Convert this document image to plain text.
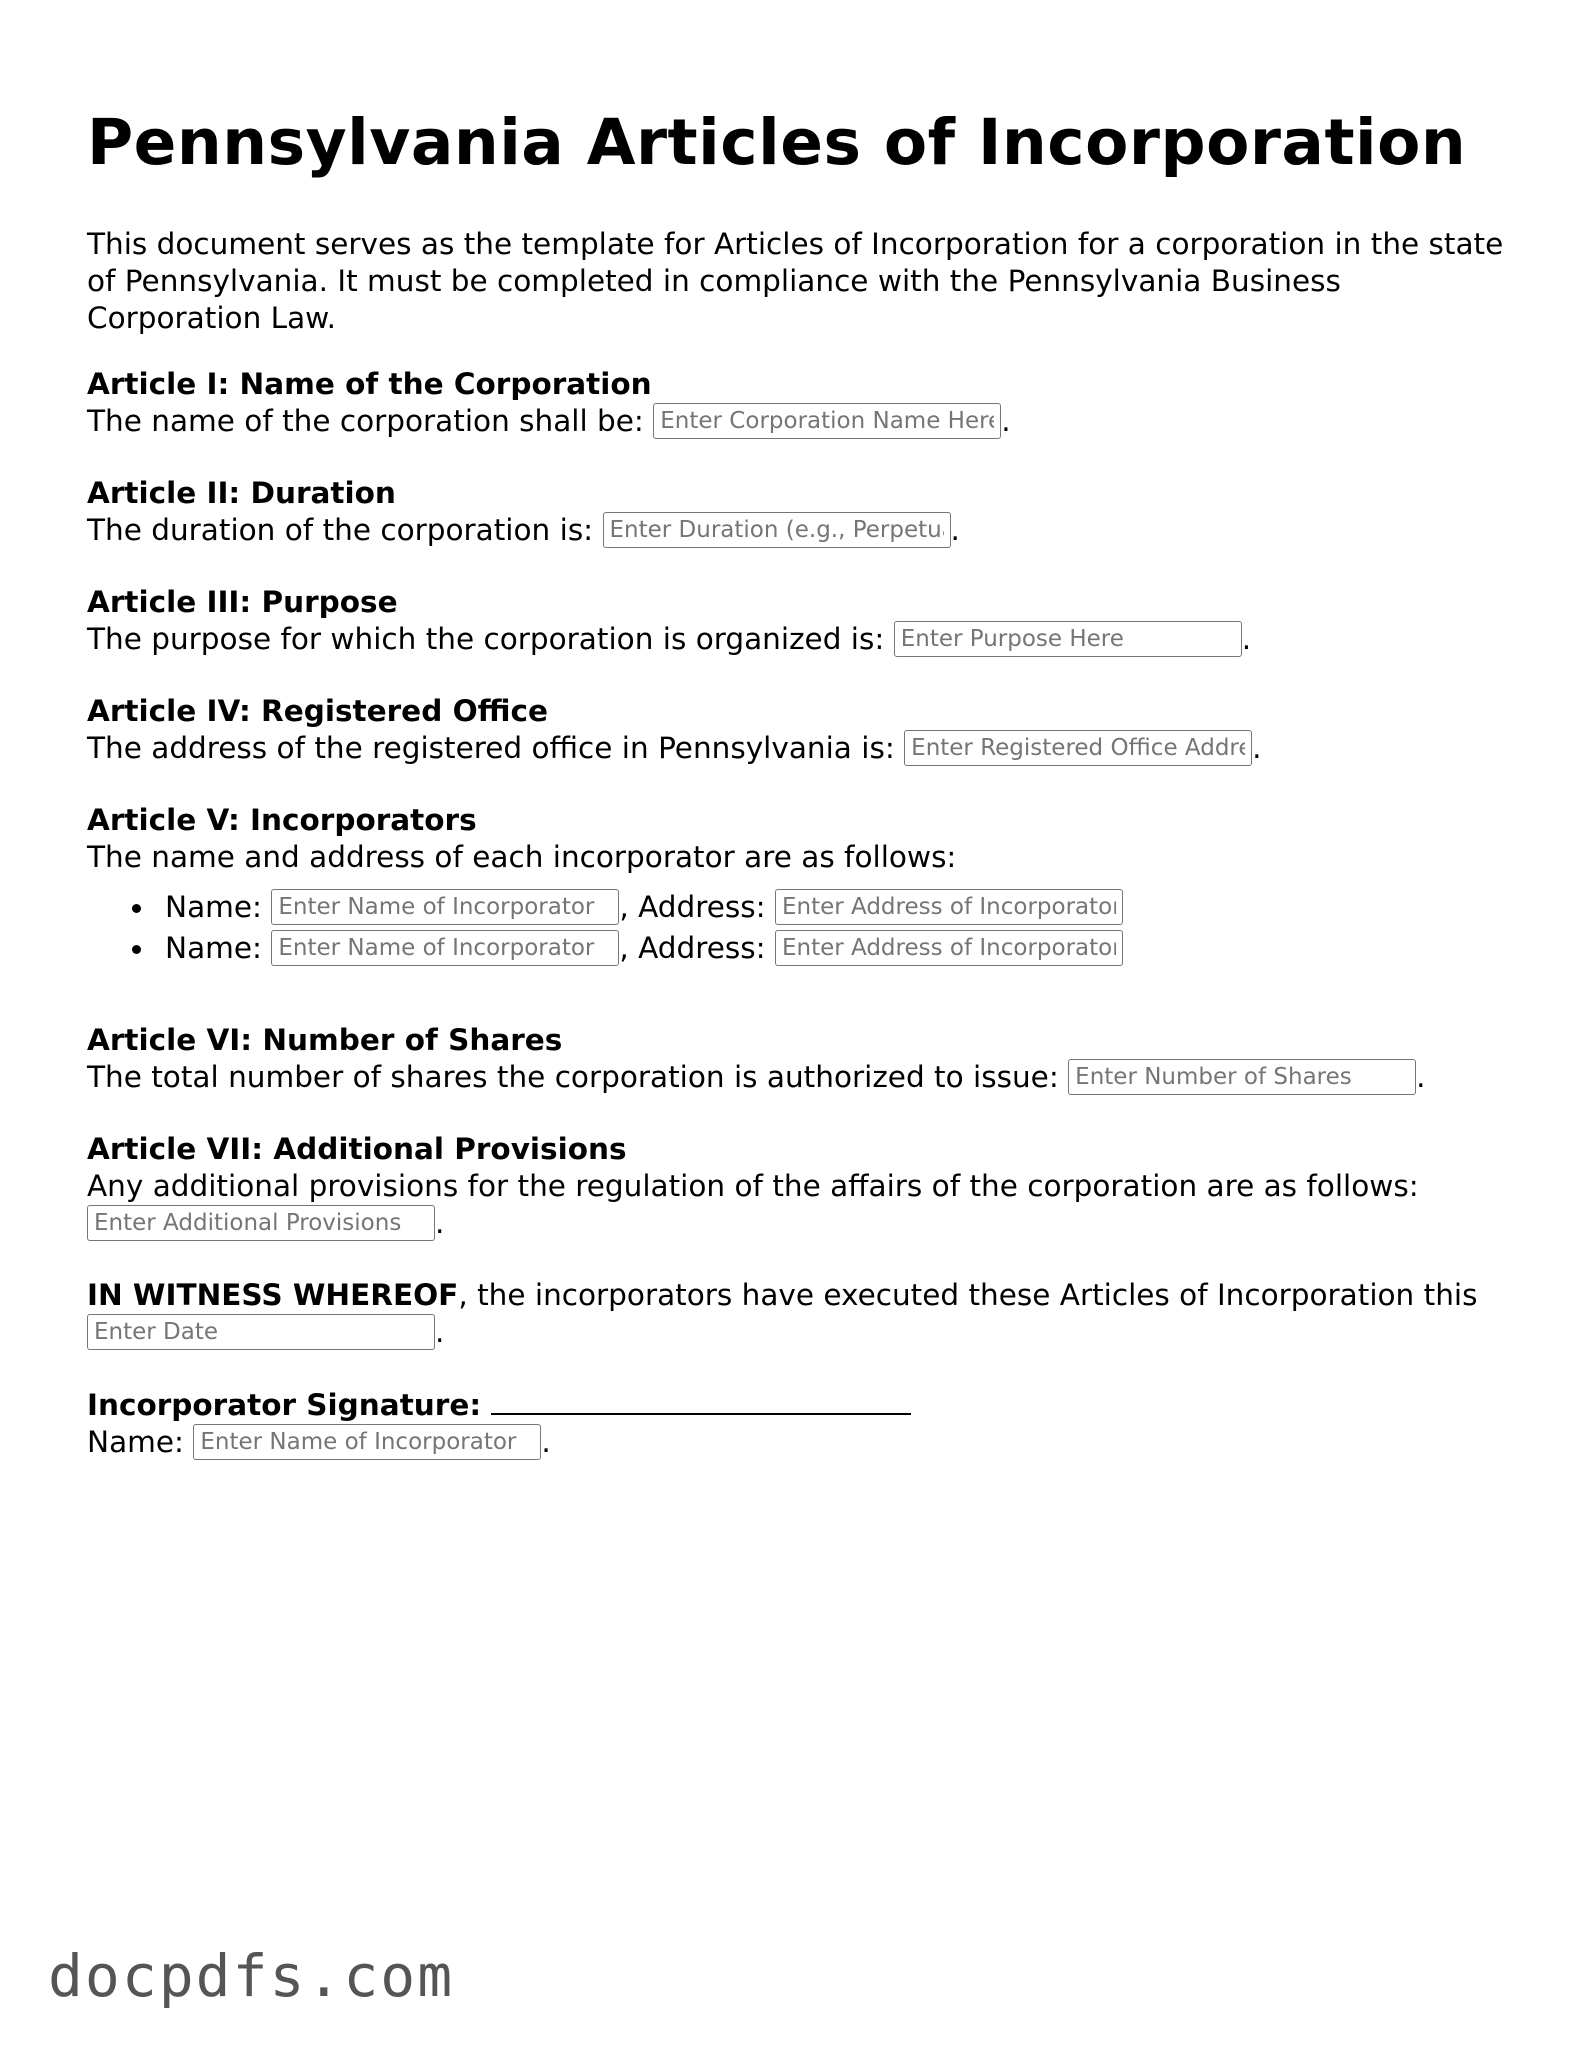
Pennsylvania Articles of Incorporation

This document serves as the template for Articles of Incorporation for a corporation in the state of Pennsylvania. It must be completed in compliance with the Pennsylvania Business Corporation Law.

Article I: Name of the Corporation

The name of the corporation shall be: Enter Corporation Name Here	.

Article II: Duration

The duration of the corporation is: Enter Duration (e.g., Perpetual)	.

Article III: Purpose

The purpose for which the corporation is organized is: Enter Purpose Here	.

Article IV: Registered Office

The address of the registered office in Pennsylvania is: Enter Registered Office Address	.

Article V: Incorporators

The name and address of each incorporator are as follows:

Name: Enter Name of Incorporator	, Address: Enter Address of Incorporator
Name: Enter Name of Incorporator	, Address: Enter Address of Incorporator
Article VI: Number of Shares

The total number of shares the corporation is authorized to issue: Enter Number of Shares	.

Article VII: Additional Provisions

Any additional provisions for the regulation of the affairs of the corporation are as follows:

Enter Additional Provisions.

IN WITNESS WHEREOF, the incorporators have executed these Articles of Incorporation this Enter Date.

Incorporator Signature:

Name: Enter Name of Incorporator	.

docpdfs.com
